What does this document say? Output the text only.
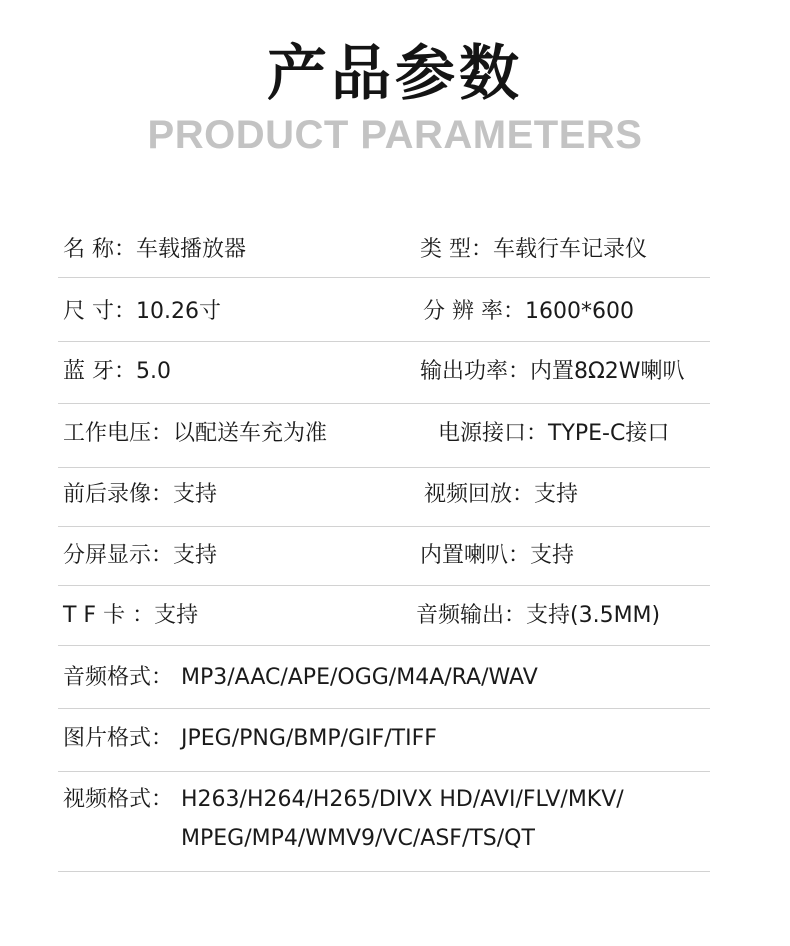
产品参数
PRODUCT PARAMETERS
名 称：车载播放器	类 型：车载行车记录仪
尺 寸：10.26寸	分 辨 率：1600*600
蓝 牙：5.0	输出功率：内置8Ω2W喇叭
工作电压：以配送车充为准	电源接口：TYPE-C接口
前后录像：支持	视频回放：支持
分屏显示：支持	内置喇叭：支持
T F 卡 ：支持	音频输出：支持(3.5MM)
音频格式： MP3/AAC/APE/OGG/M4A/RA/WAV
图片格式： JPEG/PNG/BMP/GIF/TIFF
视频格式： H263/H264/H265/DIVX HD/AVI/FLV/MKV/
MPEG/MP4/WMV9/VC/ASF/TS/QT
